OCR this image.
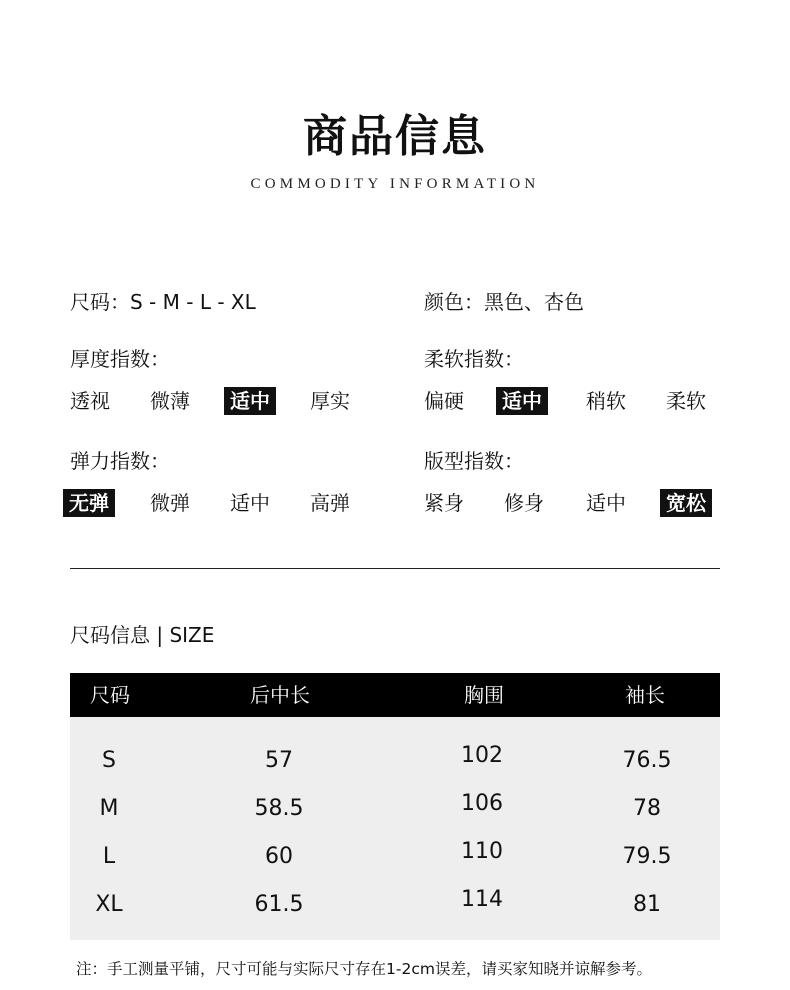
商品信息
COMMODITY INFORMATION
尺码：S - M - L - XL	颜色：黑色、杏色
厚度指数：
透视 微薄	适中	厚实
柔软指数：
偏硬	适中	稍软 柔软
弹力指数：
无弹	微弹 适中 高弹
版型指数：
紧身 修身 适中	宽松
尺码信息 | SIZE
尺码	后中长	胸围	袖长
S	57	102	76.5
M	58.5	106	78
L	60	110	79.5
XL	61.5	114	81
注：手工测量平铺，尺寸可能与实际尺寸存在1-2cm误差，请买家知晓并谅解参考。
